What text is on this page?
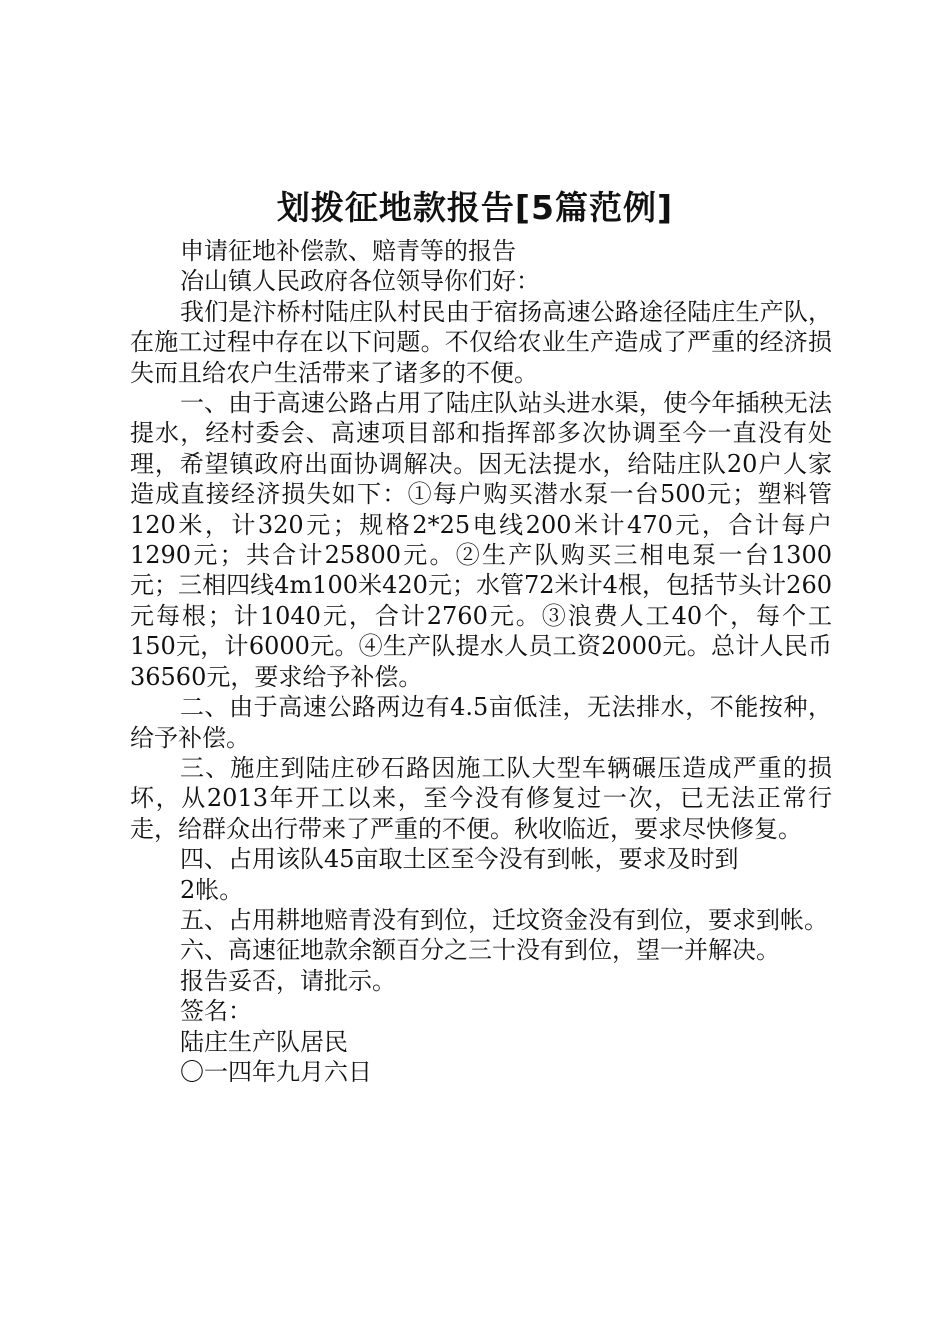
划拨征地款报告[5篇范例]

申请征地补偿款、赔青等的报告

冶山镇人民政府各位领导你们好：

我们是汴桥村陆庄队村民由于宿扬高速公路途径陆庄生产队，在施工过程中存在以下问题。不仅给农业生产造成了严重的经济损失而且给农户生活带来了诸多的不便。

一、由于高速公路占用了陆庄队站头进水渠，使今年插秧无法提水，经村委会、高速项目部和指挥部多次协调至今一直没有处理，希望镇政府出面协调解决。因无法提水，给陆庄队20户人家造成直接经济损失如下：①每户购买潜水泵一台500元；塑料管120米，计320元；规格2*25电线200米计470元，合计每户1290元；共合计25800元。②生产队购买三相电泵一台1300元；三相四线4m100米420元；水管72米计4根，包括节头计260元每根；计1040元，合计2760元。③浪费人工40个，每个工150元，计6000元。④生产队提水人员工资2000元。总计人民币36560元，要求给予补偿。

二、由于高速公路两边有4.5亩低洼，无法排水，不能按种，给予补偿。

三、施庄到陆庄砂石路因施工队大型车辆碾压造成严重的损坏，从2013年开工以来，至今没有修复过一次，已无法正常行走，给群众出行带来了严重的不便。秋收临近，要求尽快修复。

四、占用该队45亩取土区至今没有到帐，要求及时到

2帐。

五、占用耕地赔青没有到位，迁坟资金没有到位，要求到帐。

六、高速征地款余额百分之三十没有到位，望一并解决。

报告妥否，请批示。

签名：

陆庄生产队居民

〇一四年九月六日
